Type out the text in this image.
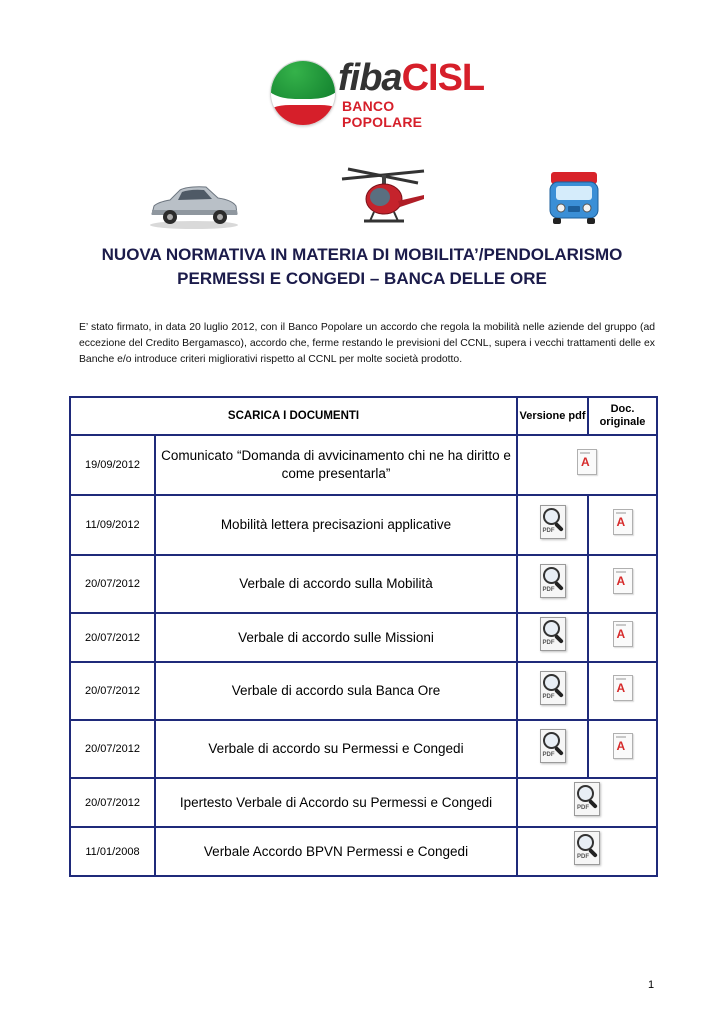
fibaCISL
BANCO POPOLARE
NUOVA NORMATIVA IN MATERIA DI MOBILITA’/PENDOLARISMO
PERMESSI E CONGEDI – BANCA DELLE ORE
E’ stato firmato, in data 20 luglio 2012, con il Banco Popolare un accordo che regola la mobilità nelle aziende del gruppo (ad eccezione del Credito Bergamasco), accordo che, ferme restando le previsioni del CCNL, supera i vecchi trattamenti delle ex Banche e/o introduce criteri migliorativi rispetto al CCNL per molte società prodotto.
SCARICA I DOCUMENTI		Versione pdf	Doc. originale
19/09/2012	Comunicato “Domanda di avvicinamento chi ne ha diritto e come presentarla”	A	

11/09/2012	Mobilità lettera precisazioni applicative	PDF	A

20/07/2012	Verbale di accordo sulla Mobilità	PDF	A

20/07/2012	Verbale di accordo sulle Missioni	PDF	A

20/07/2012	Verbale di accordo sula Banca Ore	PDF	A

20/07/2012	Verbale di accordo su Permessi e Congedi	PDF	A

20/07/2012	Ipertesto Verbale di Accordo su Permessi e Congedi	PDF	

11/01/2008	Verbale Accordo BPVN Permessi e Congedi	PDF	
1
